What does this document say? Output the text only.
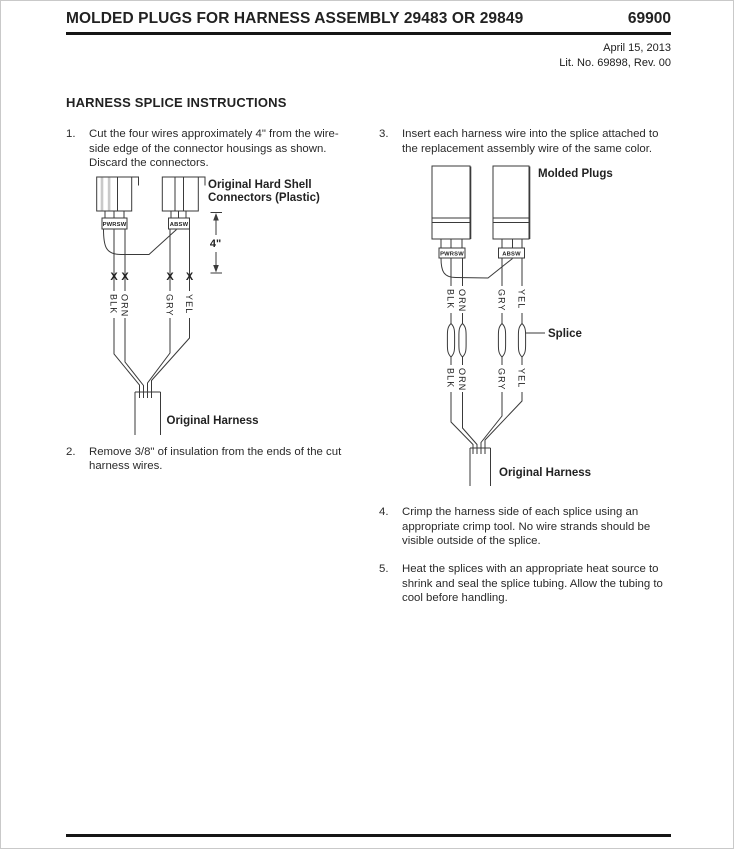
MOLDED PLUGS FOR HARNESS ASSEMBLY 29483 OR 29849	69900
April 15, 2013
Lit. No. 69898, Rev. 00
HARNESS SPLICE INSTRUCTIONS
1.	Cut the four wires approximately 4" from the wire-side edge of the connector housings as shown. Discard the connectors.
PWRSW	ABSW
X X	X X
BLK ORN	GRY YEL
4"
Original Harness
Original Hard Shell
Connectors (Plastic)
2.	Remove 3/8" of insulation from the ends of the cut harness wires.
3.	Insert each harness wire into the splice attached to the replacement assembly wire of the same color.
Molded Plugs
PWRSW	ABSW
BLK ORN	GRY YEL
Splice
BLK ORN	GRY YEL
Original Harness
4.	Crimp the harness side of each splice using an appropriate crimp tool. No wire strands should be visible outside of the splice.
5.	Heat the splices with an appropriate heat source to shrink and seal the splice tubing. Allow the tubing to cool before handling.
